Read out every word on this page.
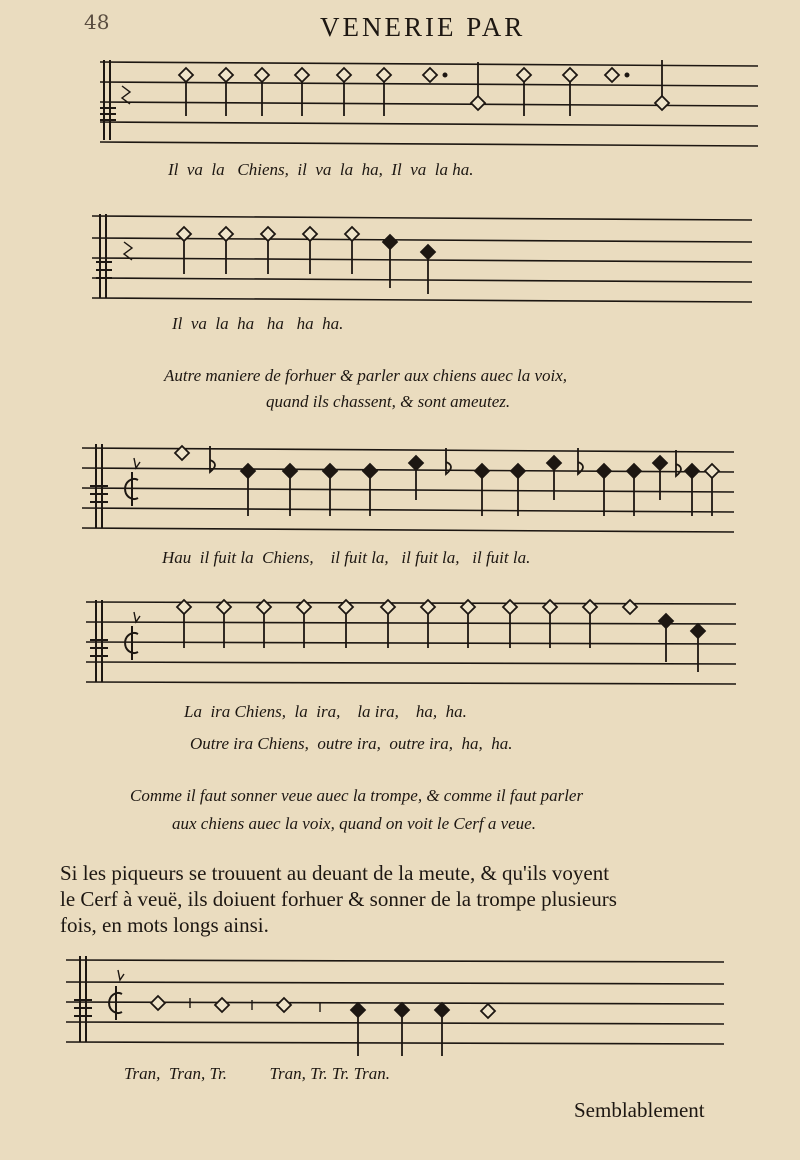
48	VENERIE PAR
Il  va  la   Chiens,  il  va  la  ha,  Il  va  la ha.
Il  va  la  ha   ha   ha  ha.
Autre maniere de forhuer & parler aux chiens auec la voix,
quand ils chassent, & sont ameutez.
Hau  il fuit la  Chiens,    il fuit la,   il fuit la,   il fuit la.
La  ira Chiens,  la  ira,    la ira,    ha,  ha.
Outre ira Chiens,  outre ira,  outre ira,  ha,  ha.
Comme il faut sonner veue auec la trompe, & comme il faut parler
aux chiens auec la voix, quand on voit le Cerf a veue.
Si les piqueurs se trouuent au deuant de la meute, & qu'ils voyent
le Cerf à veuë, ils doiuent forhuer & sonner de la trompe plusieurs
fois, en mots longs ainsi.
Tran,  Tran, Tr.          Tran, Tr. Tr. Tran.
Semblablement
